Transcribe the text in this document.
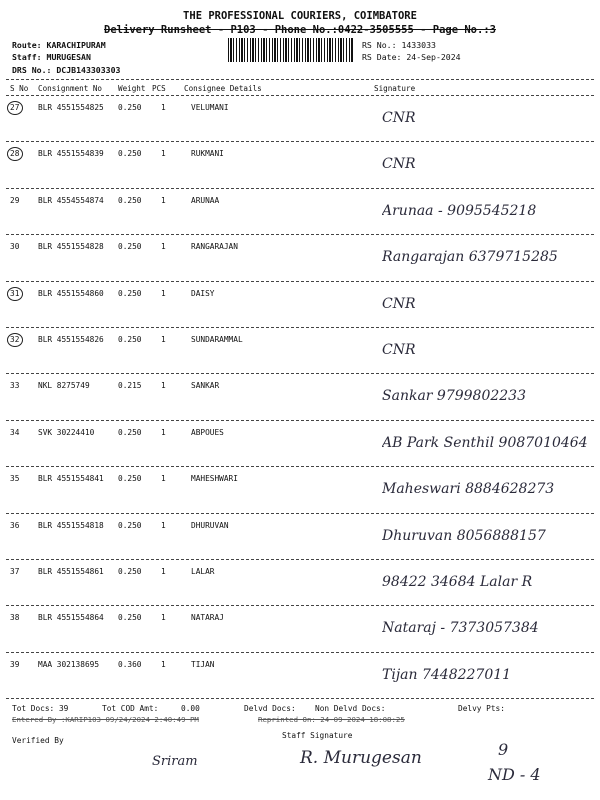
THE PROFESSIONAL COURIERS, COIMBATORE
Delivery Runsheet - P103 - Phone No.:0422-3505555 - Page No.:3
Route: KARACHIPURAM
Staff: MURUGESAN
DRS No.: DCJB143303303
RS No.: 1433033
RS Date: 24-Sep-2024
S No Consignment No Weight PCS Consignee Details	Signature
27 BLR 4551554825 0.250	1	VELUMANI
CNR
28 BLR 4551554839 0.250	1	RUKMANI
CNR
29 BLR 4554554874 0.250	1	ARUNAA
Arunaa - 9095545218
30 BLR 4551554828 0.250	1	RANGARAJAN
Rangarajan 6379715285
31 BLR 4551554860 0.250	1	DAISY
CNR
32 BLR 4551554826 0.250	1	SUNDARAMMAL
CNR
33 NKL 8275749	0.215	1	SANKAR
Sankar 9799802233
34 SVK 30224410	0.250	1	ABPOUES
AB Park Senthil 9087010464
35 BLR 4551554841 0.250	1	MAHESHWARI
Maheswari 8884628273
36 BLR 4551554818 0.250	1	DHURUVAN
Dhuruvan 8056888157
37 BLR 4551554861 0.250	1	LALAR
98422 34684 Lalar R
38 BLR 4551554864 0.250	1	NATARAJ
Nataraj - 7373057384
39 MAA 302138695 0.360	1	TIJAN
Tijan 7448227011
Tot Docs: 39	Tot COD Amt:	0.00	Delvd Docs: Non Delvd Docs:	Delvy Pts:
Entered By :KARIP103 09/24/2024 2:40:49 PM	Reprinted On: 24-09-2024 18:08:25
Verified By
Staff Signature
Sriram	R. Murugesan	9
ND - 4
